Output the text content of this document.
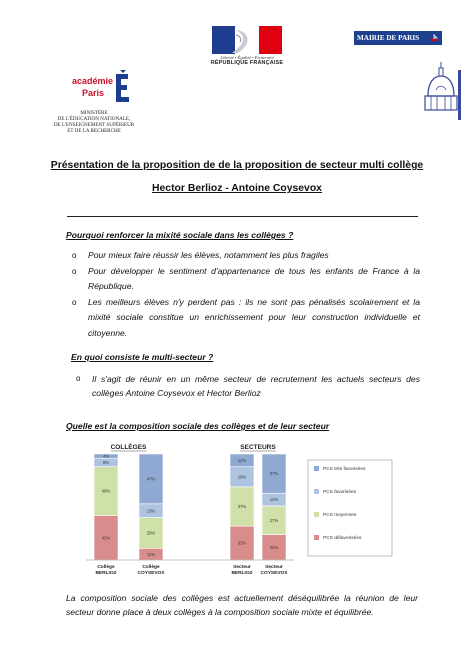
Liberté • Égalité • Fraternité
RÉPUBLIQUE FRANÇAISE
MAIRIE DE PARIS
académie
Paris
MINISTÈRE
DE L'ÉDUCATION NATIONALE,
DE L'ENSEIGNEMENT SUPÉRIEUR
ET DE LA RECHERCHE
Présentation de la proposition de de la proposition de secteur multi collège
Hector Berlioz - Antoine Coysevox
Pourquoi renforcer la mixité sociale dans les collèges ?
o Pour mieux faire réussir les élèves, notamment les plus fragiles
o Pour développer le sentiment d'appartenance de tous les enfants de France à la République.
o Les meilleurs élèves n'y perdent pas : ils ne sont pas pénalisés scolairement et la mixité sociale constitue un enrichissement pour leur construction individuelle et citoyenne.
En quoi consiste le multi-secteur ?
o Il s'agit de réunir en un même secteur de recrutement les actuels secteurs des collèges Antoine Coysevox et Hector Berlioz
Quelle est la composition sociale des collèges et de leur secteur
COLLÈGES	SECTEURS
42%
46%
8%
4%
Collège
BERLIOZ
11%
29%
13%
47%
Collège
COYSEVOX
32%
37%
19%
12%
Secteur
BERLIOZ
24%
27%
12%
37%
Secteur
COYSEVOX
PCS très favorisées
PCS favorisées
PCS moyennes
PCS défavorisées
La composition sociale des collèges est actuellement déséquilibrée la réunion de leur secteur donne place à deux collèges à la composition sociale mixte et équilibrée.
